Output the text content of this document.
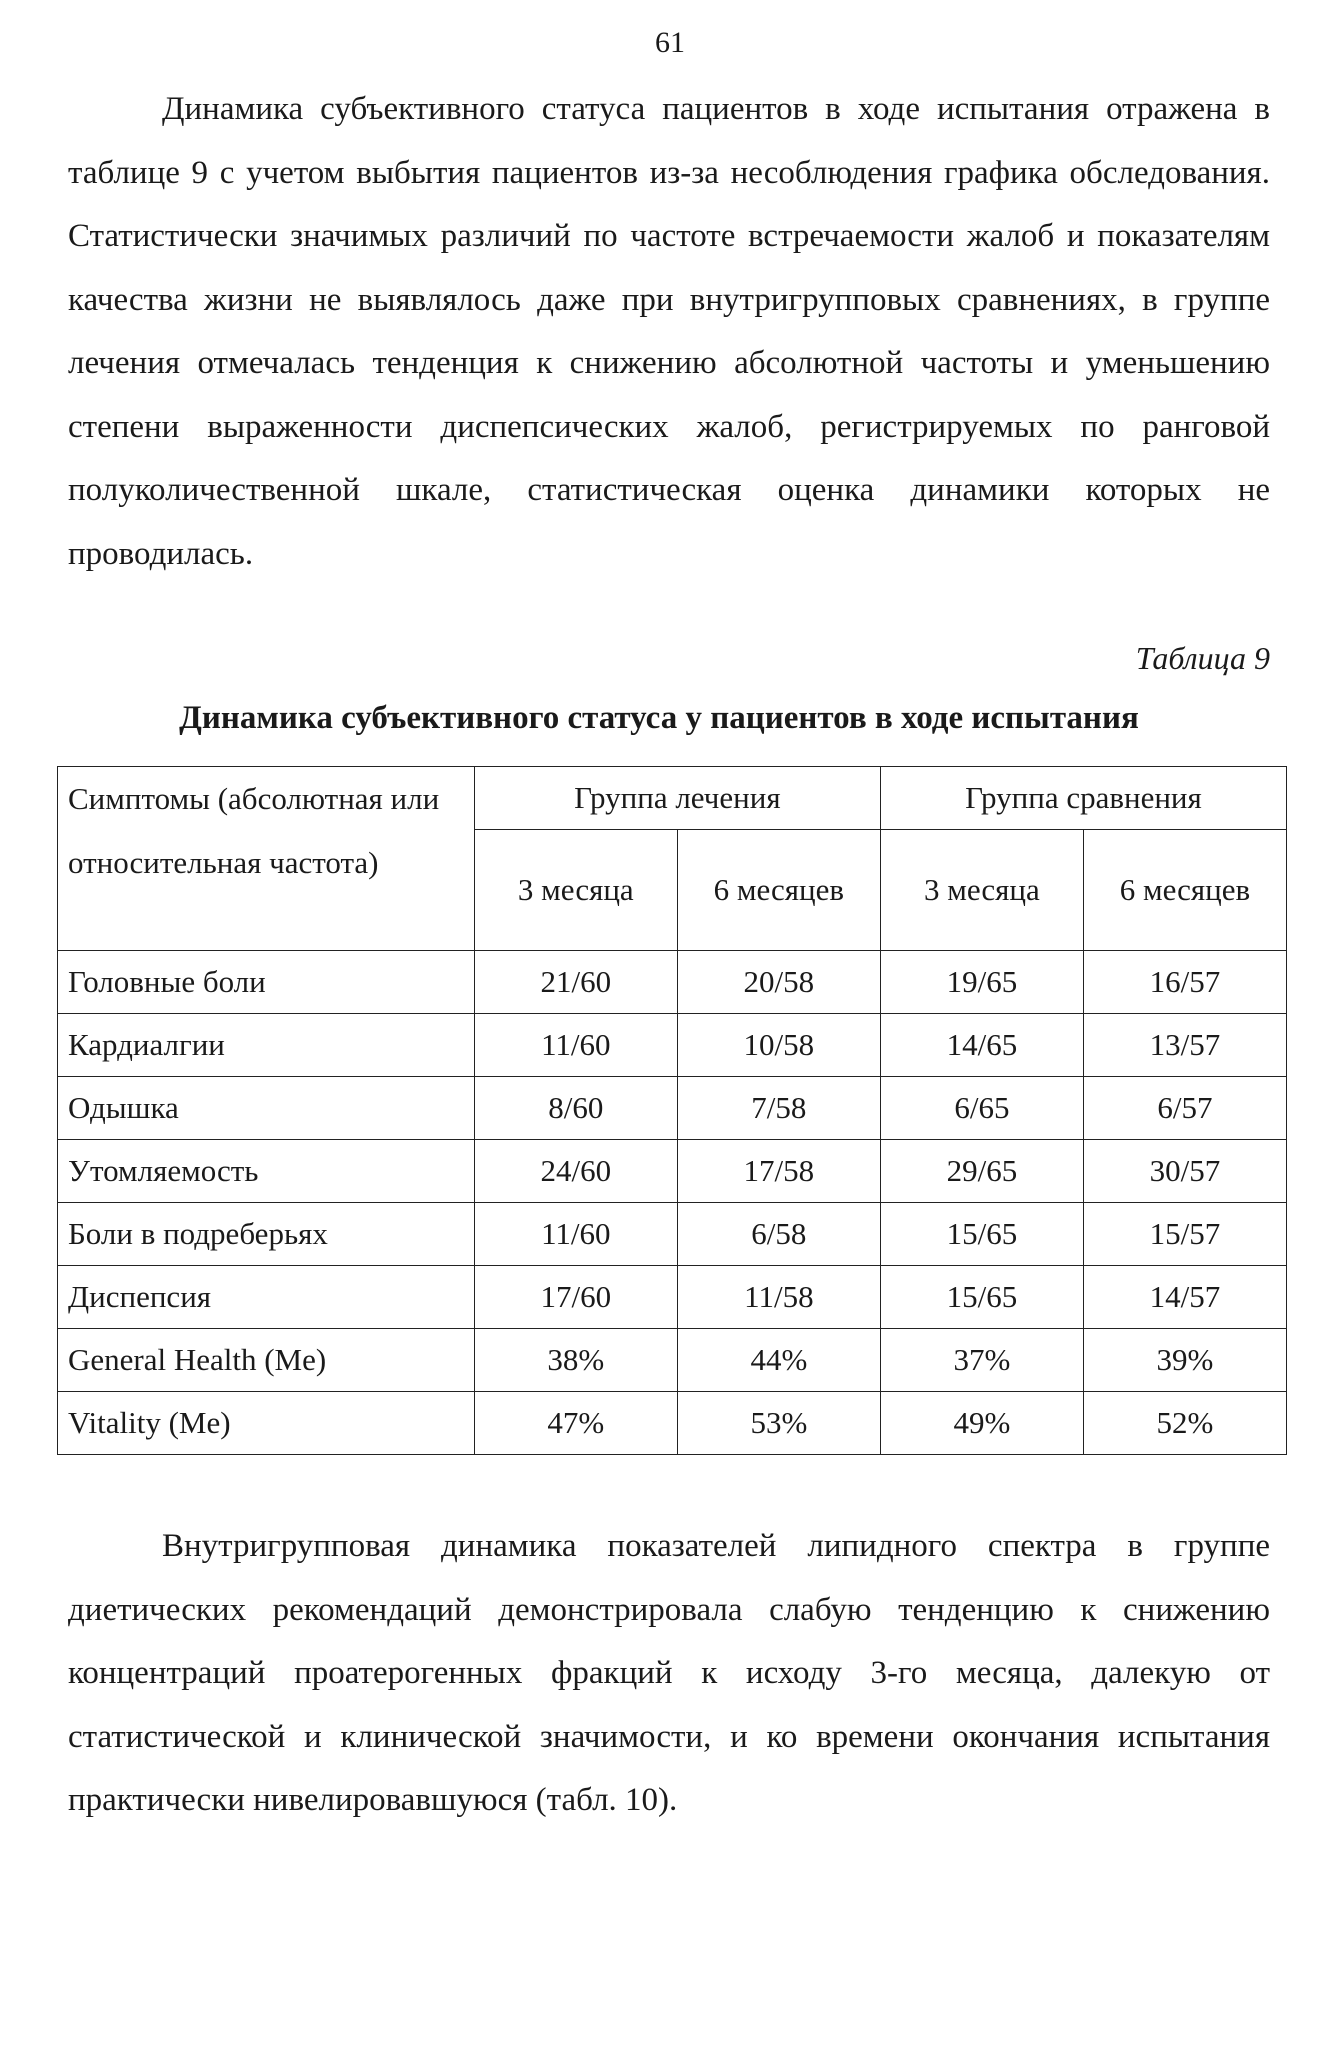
61

Динамика субъективного статуса пациентов в ходе испытания отражена в таблице 9 с учетом выбытия пациентов из-за несоблюдения графика обследования. Статистически значимых различий по частоте встречаемости жалоб и показателям качества жизни не выявлялось даже при внутригрупповых сравнениях, в группе лечения отмечалась тенденция к снижению абсолютной частоты и уменьшению степени выраженности диспепсических жалоб, регистрируемых по ранговой полуколичественной шкале, статистическая оценка динамики которых не проводилась.

Таблица 9
Динамика субъективного статуса у пациентов в ходе испытания
Симптомы (абсолютная или относительная частота)	Группа лечения		Группа сравнения	
	3 месяца	6 месяцев	3 месяца	6 месяцев
Головные боли	21/60	20/58	19/65	16/57
Кардиалгии	11/60	10/58	14/65	13/57
Одышка	8/60	7/58	6/65	6/57
Утомляемость	24/60	17/58	29/65	30/57
Боли в подреберьях	11/60	6/58	15/65	15/57
Диспепсия	17/60	11/58	15/65	14/57
General Health (Me)	38%	44%	37%	39%
Vitality (Me)	47%	53%	49%	52%

Внутригрупповая динамика показателей липидного спектра в группе диетических рекомендаций демонстрировала слабую тенденцию к снижению концентраций проатерогенных фракций к исходу 3-го месяца, далекую от статистической и клинической значимости, и ко времени окончания испытания практически нивелировавшуюся (табл. 10).
